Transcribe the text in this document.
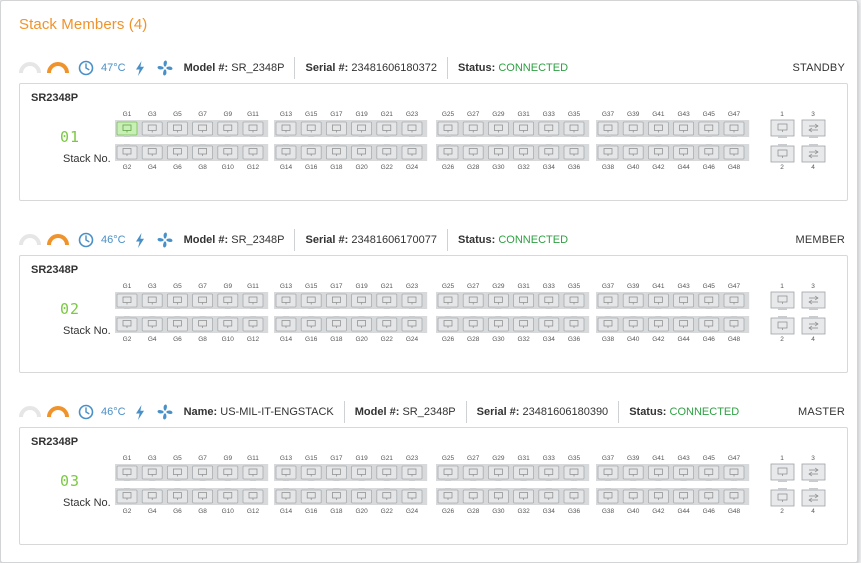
Stack Members (4)
47°C	Model #: SR_2348P	Serial #: 23481606180372	Status: CONNECTED	STANDBY
SR2348P
01
Stack No.
G1
G2
G3
G4
G5
G6
G7
G8
G9
G10
G11
G12
G13
G14
G15
G16
G17
G18
G19
G20
G21
G22
G23
G24
G25
G26
G27
G28
G29
G30
G31
G32
G33
G34
G35
G36
G37
G38
G39
G40
G41
G42
G43
G44
G45
G46
G47
G48
1
2
3
4
46°C	Model #: SR_2348P	Serial #: 23481606170077	Status: CONNECTED	MEMBER
SR2348P
02
Stack No.
G1
G2
G3
G4
G5
G6
G7
G8
G9
G10
G11
G12
G13
G14
G15
G16
G17
G18
G19
G20
G21
G22
G23
G24
G25
G26
G27
G28
G29
G30
G31
G32
G33
G34
G35
G36
G37
G38
G39
G40
G41
G42
G43
G44
G45
G46
G47
G48
1
2
3
4
46°C	Name: US-MIL-IT-ENGSTACK	Model #: SR_2348P	Serial #: 23481606180390	Status: CONNECTED	MASTER
SR2348P
03
Stack No.
G1
G2
G3
G4
G5
G6
G7
G8
G9
G10
G11
G12
G13
G14
G15
G16
G17
G18
G19
G20
G21
G22
G23
G24
G25
G26
G27
G28
G29
G30
G31
G32
G33
G34
G35
G36
G37
G38
G39
G40
G41
G42
G43
G44
G45
G46
G47
G48
1
2
3
4
